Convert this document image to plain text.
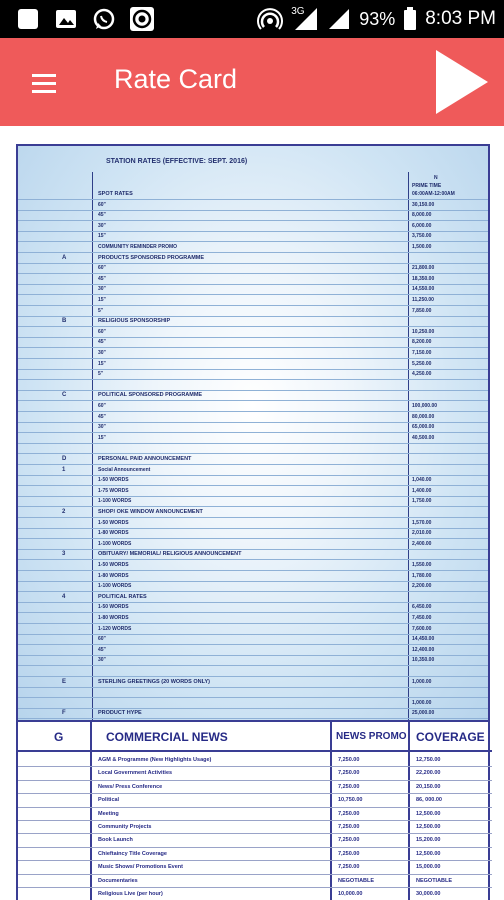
3G	93% 8:03 PM
Rate Card
STATION RATES (EFFECTIVE: SEPT. 2016)
N
PRIME TIME
06:00AM-12:00AM
SPOT RATES
60"	30,150.00
45"	8,000.00
30"	6,000.00
15"	3,750.00
COMMUNITY REMINDER PROMO	1,500.00
A	PRODUCTS SPONSORED PROGRAMME
60"	21,800.00
45"	18,350.00
30"	14,550.00
15"	11,250.00
5"	7,850.00
B	RELIGIOUS SPONSORSHIP
60"	10,250.00
45"	8,200.00
30"	7,150.00
15"	5,250.00
5"	4,250.00
C	POLITICAL SPONSORED PROGRAMME
60"	100,000.00
45"	80,000.00
30"	65,000.00
15"	40,500.00
D	PERSONAL PAID ANNOUNCEMENT
1	Social Announcement
1-50 WORDS	1,040.00
1-75 WORDS	1,400.00
1-100 WORDS	1,750.00
2	SHOP/ OKE WINDOW ANNOUNCEMENT
1-50 WORDS	1,570.00
1-80 WORDS	2,010.00
1-100 WORDS	2,400.00
3	OBITUARY/ MEMORIAL/ RELIGIOUS ANNOUNCEMENT
1-50 WORDS	1,550.00
1-80 WORDS	1,780.00
1-100 WORDS	2,200.00
4	POLITICAL RATES
1-50 WORDS	6,450.00
1-80 WORDS	7,450.00
1-120 WORDS	7,600.00
60"	14,450.00
45"	12,400.00
30"	10,350.00
E	STERLING GREETINGS (20 WORDS ONLY)	1,000.00
1,000.00
F	PRODUCT HYPE	25,000.00
G	COMMERCIAL NEWS	NEWS PROMO COVERAGE
AGM & Programme (New Highlights Usage)	7,250.00	12,750.00
Local Government Activities	7,250.00	22,200.00
News/ Press Conference	7,250.00	20,150.00
Political	10,750.00	86, 000.00
Meeting	7,250.00	12,500.00
Community Projects	7,250.00	12,500.00
Book Launch	7,250.00	15,200.00
Chieftaincy Title Coverage	7,250.00	12,500.00
Music Shows/ Promotions Event	7,250.00	15,000.00
Documentaries	NEGOTIABLE	NEGOTIABLE
Religious Live (per hour)	10,000.00	30,000.00
